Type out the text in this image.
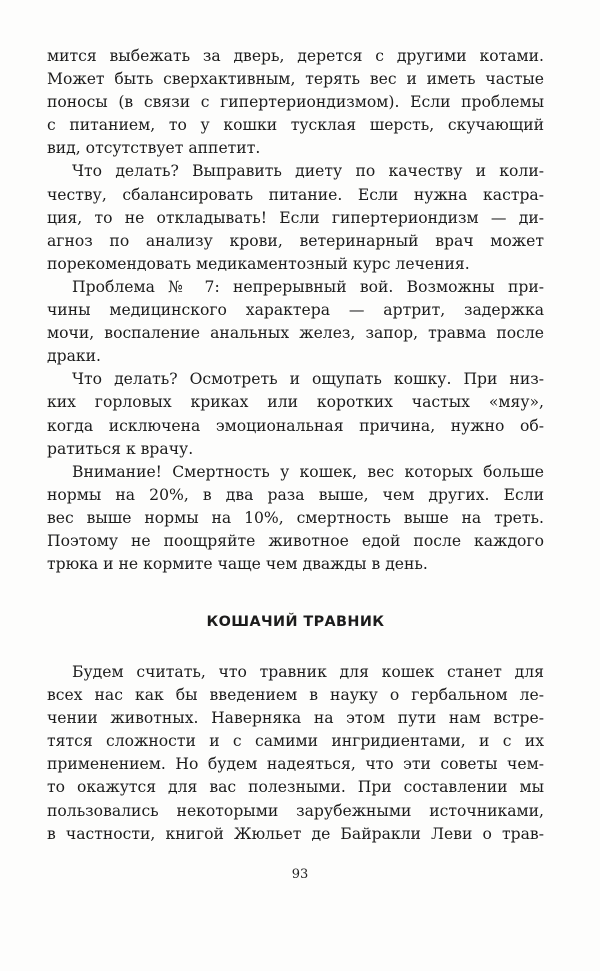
мится выбежать за дверь, дерется с другими котами.
Может быть сверхактивным, терять вес и иметь частые
поносы (в связи с гипертериондизмом). Если проблемы
с питанием, то у кошки тусклая шерсть, скучающий
вид, отсутствует аппетит.
Что делать? Выправить диету по качеству и коли-
честву, сбалансировать питание. Если нужна кастра-
ция, то не откладывать! Если гипертериондизм — ди-
агноз по анализу крови, ветеринарный врач может
порекомендовать медикаментозный курс лечения.
Проблема № 7: непрерывный вой. Возможны при-
чины медицинского характера — артрит, задержка
мочи, воспаление анальных желез, запор, травма после
драки.
Что делать? Осмотреть и ощупать кошку. При низ-
ких горловых криках или коротких частых «мяу»,
когда исключена эмоциональная причина, нужно об-
ратиться к врачу.
Внимание! Смертность у кошек, вес которых больше
нормы на 20%, в два раза выше, чем других. Если
вес выше нормы на 10%, смертность выше на треть.
Поэтому не поощряйте животное едой после каждого
трюка и не кормите чаще чем дважды в день.
КОШАЧИЙ ТРАВНИК
Будем считать, что травник для кошек станет для
всех нас как бы введением в науку о гербальном ле-
чении животных. Наверняка на этом пути нам встре-
тятся сложности и с самими ингридиентами, и с их
применением. Но будем надеяться, что эти советы чем-
то окажутся для вас полезными. При составлении мы
пользовались некоторыми зарубежными источниками,
в частности, книгой Жюльет де Байракли Леви о трав-
93
